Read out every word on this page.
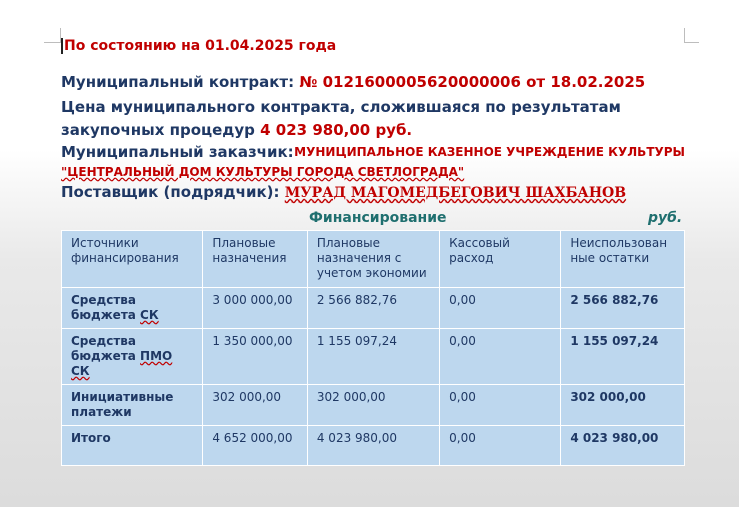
По состоянию на 01.04.2025 года
Муниципальный контракт: № 0121600005620000006 от 18.02.2025
Цена муниципального контракта, сложившаяся по результатам закупочных процедур 4 023 980,00 руб.
Муниципальный заказчик: МУНИЦИПАЛЬНОЕ КАЗЕННОЕ УЧРЕЖДЕНИЕ КУЛЬТУРЫ
"ЦЕНТРАЛЬНЫЙ ДОМ КУЛЬТУРЫ ГОРОДА СВЕТЛОГРАДА"
Поставщик (подрядчик): МУРАД МАГОМЕДБЕГОВИЧ ШАХБАНОВ
Финансирование	руб.
Источники финансирования	Плановые назначения	Плановые назначения с учетом экономии	Кассовый расход	Неиспользован ные остатки
Средства бюджета СК	3 000 000,00	2 566 882,76	0,00	2 566 882,76
Средства бюджета ПМО СК	1 350 000,00	1 155 097,24	0,00	1 155 097,24
Инициативные платежи	302 000,00	302 000,00	0,00	302 000,00
Итого	4 652 000,00	4 023 980,00	0,00	4 023 980,00
